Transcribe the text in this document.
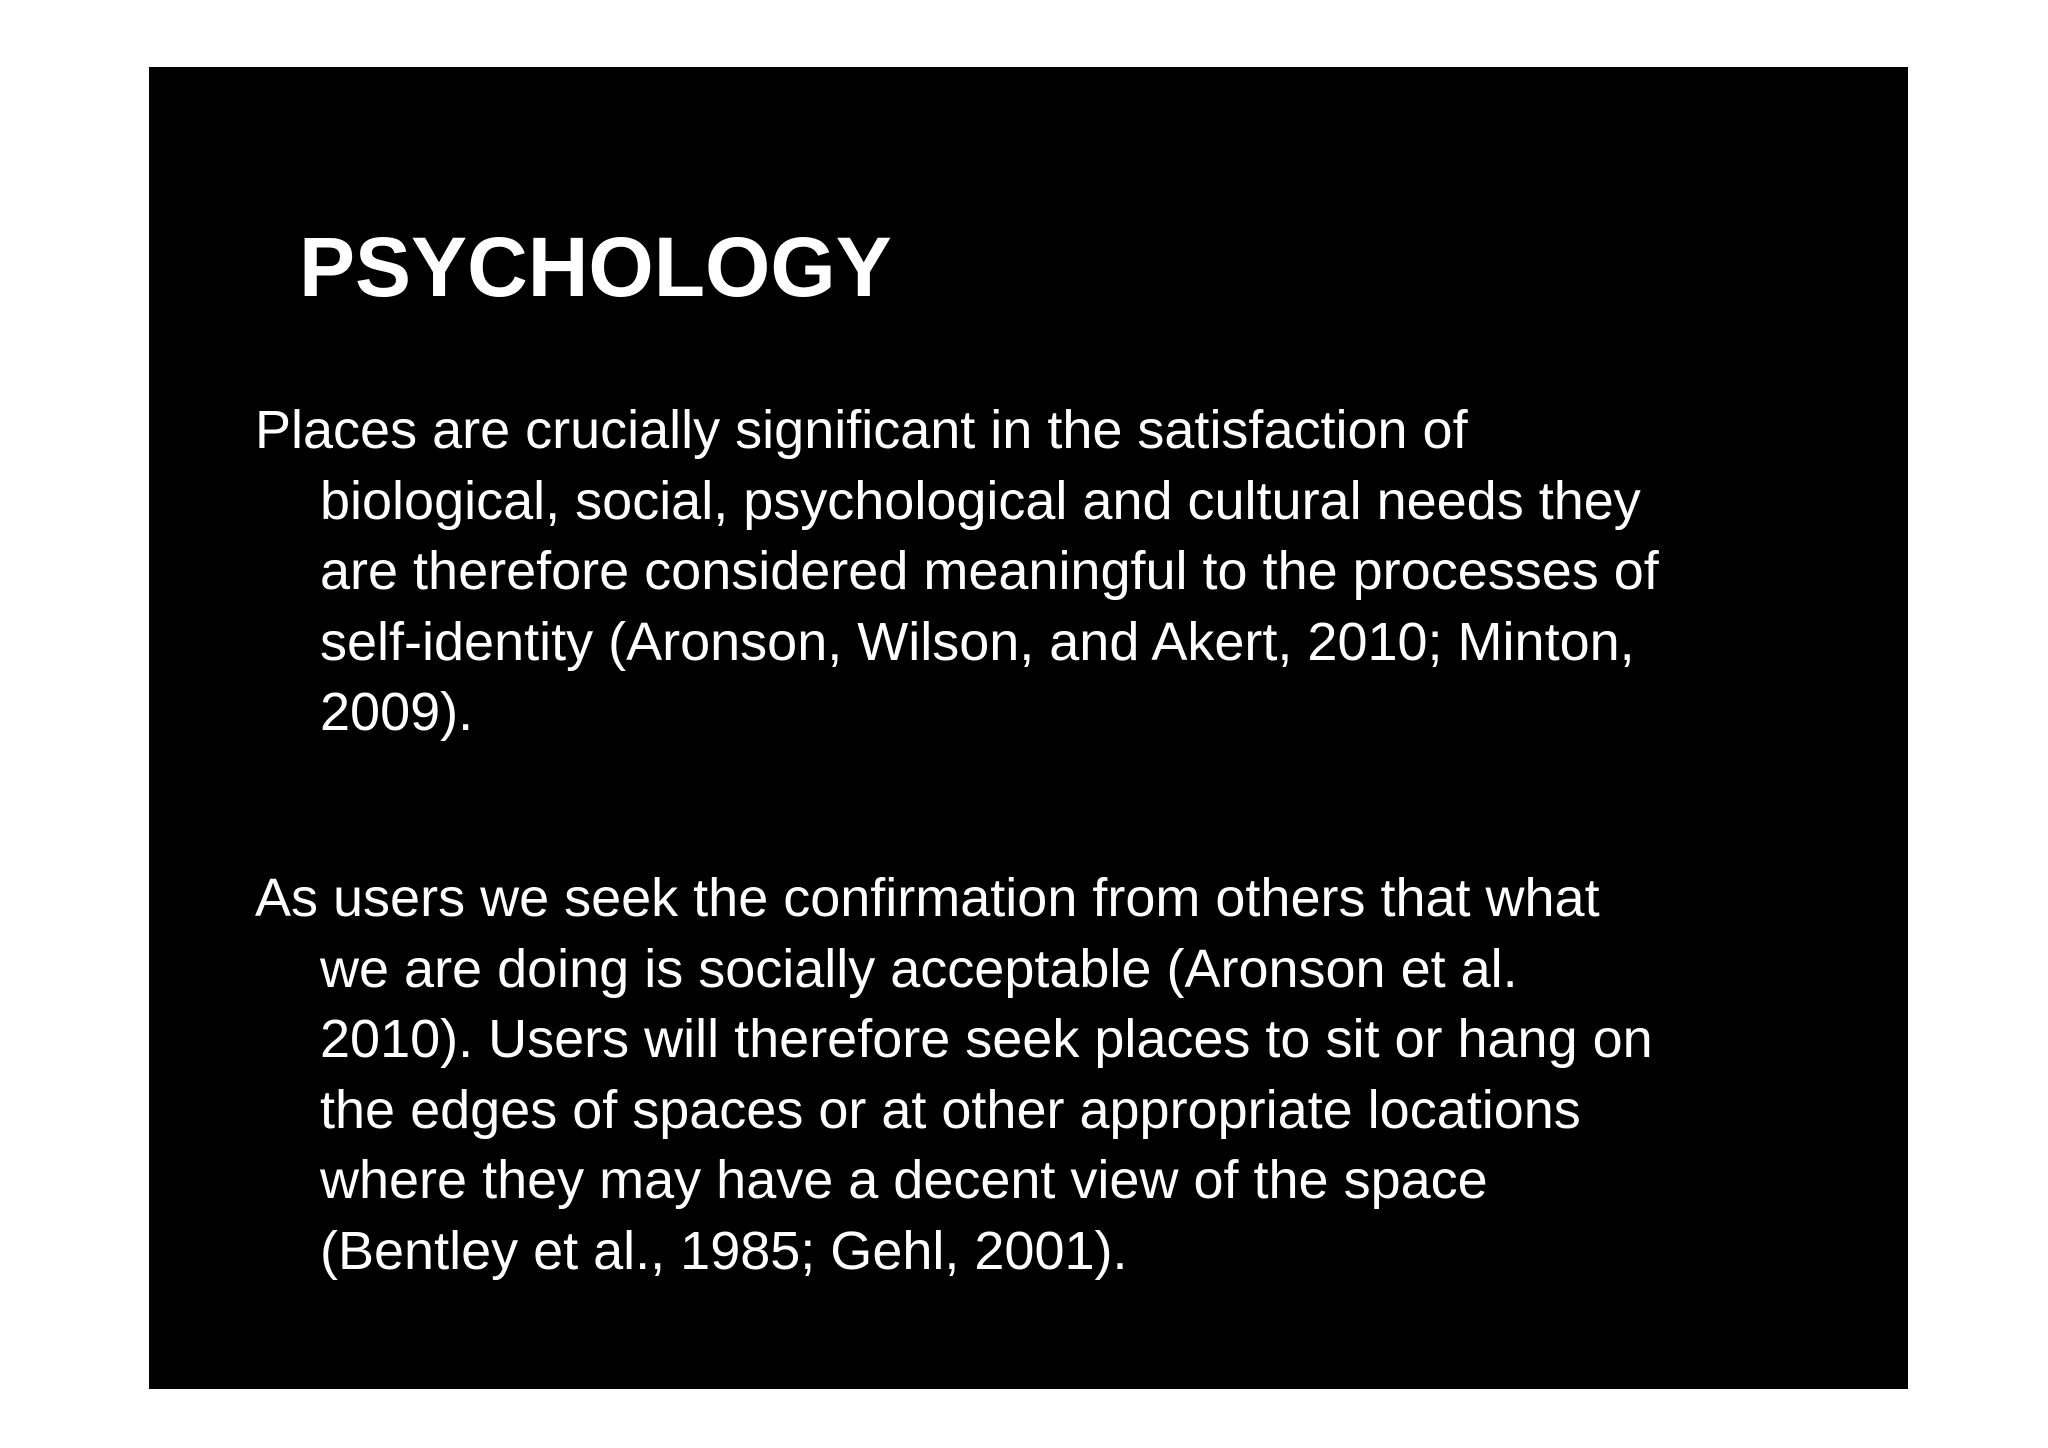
PSYCHOLOGY

Places are crucially significant in the satisfaction of
biological, social, psychological and cultural needs they
are therefore considered meaningful to the processes of
self-identity (Aronson, Wilson, and Akert, 2010; Minton,
2009).

As users we seek the confirmation from others that what
we are doing is socially acceptable (Aronson et al.
2010). Users will therefore seek places to sit or hang on
the edges of spaces or at other appropriate locations
where they may have a decent view of the space
(Bentley et al., 1985; Gehl, 2001).
